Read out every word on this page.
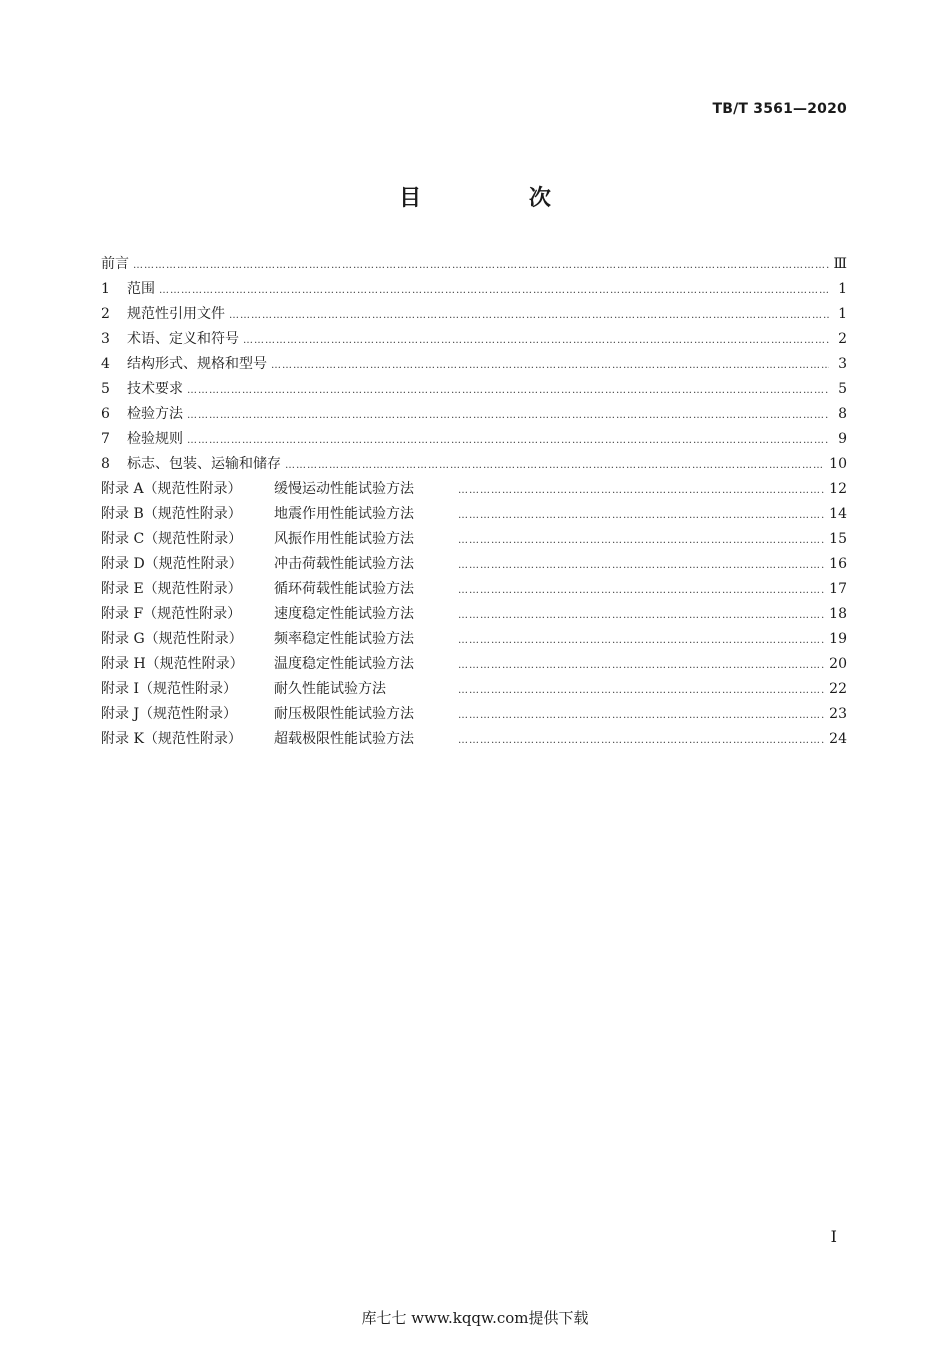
TB/T 3561—2020
目 次
前言 ……………………………………………………………………………………………………………………………………………………………………………………………………	Ⅲ
1	范围 ……………………………………………………………………………………………………………………………………………………………………………………………………	1
2	规范性引用文件 ……………………………………………………………………………………………………………………………………………………………………………………………………	1
3	术语、定义和符号 ……………………………………………………………………………………………………………………………………………………………………………………………………	2
4	结构形式、规格和型号 ……………………………………………………………………………………………………………………………………………………………………………………………………	3
5	技术要求 ……………………………………………………………………………………………………………………………………………………………………………………………………	5
6	检验方法 ……………………………………………………………………………………………………………………………………………………………………………………………………	8
7	检验规则 ……………………………………………………………………………………………………………………………………………………………………………………………………	9
8	标志、包装、运输和储存 ……………………………………………………………………………………………………………………………………………………………………………………………………	10
附录 A（规范性附录）	缓慢运动性能试验方法 ……………………………………………………………………………………………………………………………………………………………………………………………………	12
附录 B（规范性附录）	地震作用性能试验方法 ……………………………………………………………………………………………………………………………………………………………………………………………………	14
附录 C（规范性附录）	风振作用性能试验方法 ……………………………………………………………………………………………………………………………………………………………………………………………………	15
附录 D（规范性附录）	冲击荷载性能试验方法 ……………………………………………………………………………………………………………………………………………………………………………………………………	16
附录 E（规范性附录）	循环荷载性能试验方法 ……………………………………………………………………………………………………………………………………………………………………………………………………	17
附录 F（规范性附录）	速度稳定性能试验方法 ……………………………………………………………………………………………………………………………………………………………………………………………………	18
附录 G（规范性附录）	频率稳定性能试验方法 ……………………………………………………………………………………………………………………………………………………………………………………………………	19
附录 H（规范性附录）	温度稳定性能试验方法 ……………………………………………………………………………………………………………………………………………………………………………………………………	20
附录 I（规范性附录）	耐久性能试验方法 ……………………………………………………………………………………………………………………………………………………………………………………………………	22
附录 J（规范性附录）	耐压极限性能试验方法 ……………………………………………………………………………………………………………………………………………………………………………………………………	23
附录 K（规范性附录）	超载极限性能试验方法 ……………………………………………………………………………………………………………………………………………………………………………………………………	24
Ⅰ
库七七 www.kqqw.com提供下载
